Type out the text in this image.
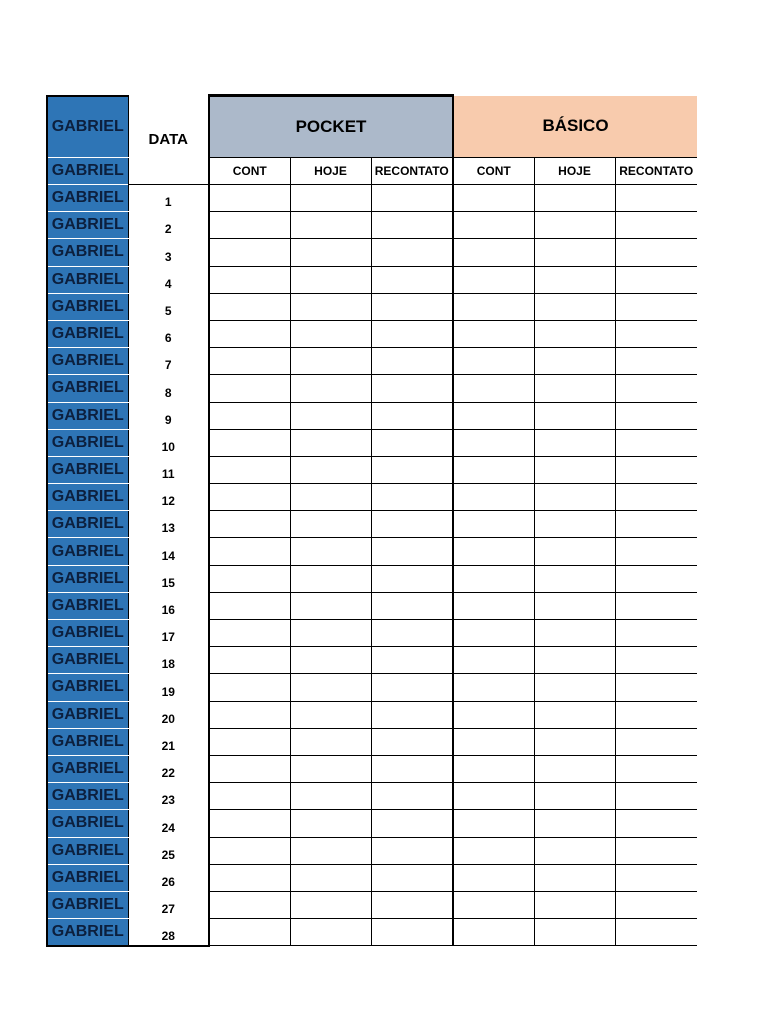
GABRIEL	DATA	POCKET			BÁSICO		
GABRIEL		CONT	HOJE	RECONTATO	CONT	HOJE	RECONTATO
GABRIEL	1						
GABRIEL	2						
GABRIEL	3						
GABRIEL	4						
GABRIEL	5						
GABRIEL	6						
GABRIEL	7						
GABRIEL	8						
GABRIEL	9						
GABRIEL	10						
GABRIEL	11						
GABRIEL	12						
GABRIEL	13						
GABRIEL	14						
GABRIEL	15						
GABRIEL	16						
GABRIEL	17						
GABRIEL	18						
GABRIEL	19						
GABRIEL	20						
GABRIEL	21						
GABRIEL	22						
GABRIEL	23						
GABRIEL	24						
GABRIEL	25						
GABRIEL	26						
GABRIEL	27						
GABRIEL	28						
